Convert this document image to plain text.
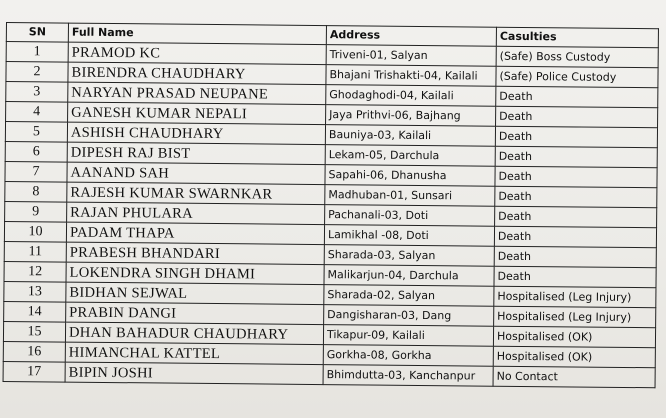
SN	Full Name	Address	Casulties
1	PRAMOD KC	Triveni-01, Salyan	(Safe) Boss Custody
2	BIRENDRA CHAUDHARY	Bhajani Trishakti-04, Kailali	(Safe) Police Custody
3	NARYAN PRASAD NEUPANE	Ghodaghodi-04, Kailali	Death
4	GANESH KUMAR NEPALI	Jaya Prithvi-06, Bajhang	Death
5	ASHISH CHAUDHARY	Bauniya-03, Kailali	Death
6	DIPESH RAJ BIST	Lekam-05, Darchula	Death
7	AANAND SAH	Sapahi-06, Dhanusha	Death
8	RAJESH KUMAR SWARNKAR	Madhuban-01, Sunsari	Death
9	RAJAN PHULARA	Pachanali-03, Doti	Death
10	PADAM THAPA	Lamikhal -08, Doti	Death
11	PRABESH BHANDARI	Sharada-03, Salyan	Death
12	LOKENDRA SINGH DHAMI	Malikarjun-04, Darchula	Death
13	BIDHAN SEJWAL	Sharada-02, Salyan	Hospitalised (Leg Injury)
14	PRABIN DANGI	Dangisharan-03, Dang	Hospitalised (Leg Injury)
15	DHAN BAHADUR CHAUDHARY	Tikapur-09, Kailali	Hospitalised (OK)
16	HIMANCHAL KATTEL	Gorkha-08, Gorkha	Hospitalised (OK)
17	BIPIN JOSHI	Bhimdutta-03, Kanchanpur	No Contact
